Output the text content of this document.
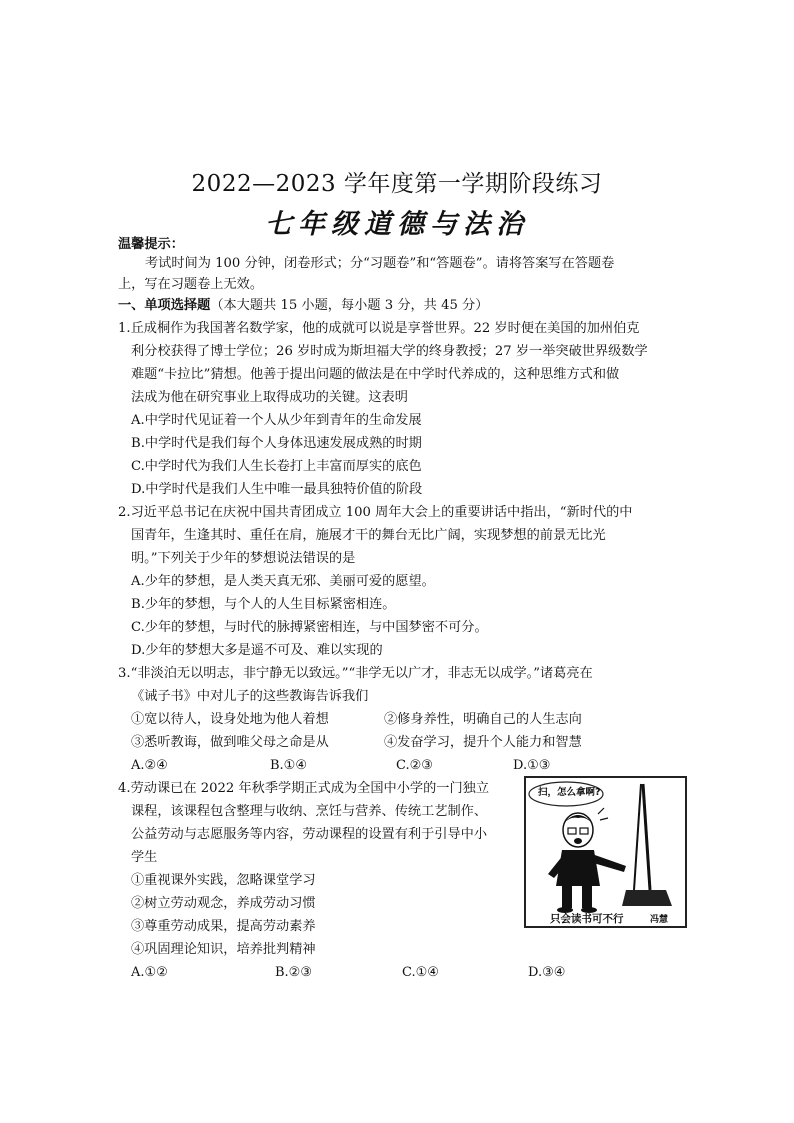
2022—2023 学年度第一学期阶段练习
七年级道德与法治
温馨提示：
考试时间为 100 分钟，闭卷形式；分“习题卷”和“答题卷”。请将答案写在答题卷
上，写在习题卷上无效。
一、单项选择题（本大题共 15 小题，每小题 3 分，共 45 分）
1.丘成桐作为我国著名数学家，他的成就可以说是享誉世界。22 岁时便在美国的加州伯克
利分校获得了博士学位；26 岁时成为斯坦福大学的终身教授；27 岁一举突破世界级数学
难题“卡拉比”猜想。他善于提出问题的做法是在中学时代养成的，这种思维方式和做
法成为他在研究事业上取得成功的关键。这表明
A.中学时代见证着一个人从少年到青年的生命发展
B.中学时代是我们每个人身体迅速发展成熟的时期
C.中学时代为我们人生长卷打上丰富而厚实的底色
D.中学时代是我们人生中唯一最具独特价值的阶段
2.习近平总书记在庆祝中国共青团成立 100 周年大会上的重要讲话中指出，“新时代的中
国青年，生逢其时、重任在肩，施展才干的舞台无比广阔，实现梦想的前景无比光
明。”下列关于少年的梦想说法错误的是
A.少年的梦想，是人类天真无邪、美丽可爱的愿望。
B.少年的梦想，与个人的人生目标紧密相连。
C.少年的梦想，与时代的脉搏紧密相连，与中国梦密不可分。
D.少年的梦想大多是遥不可及、难以实现的
3.“非淡泊无以明志，非宁静无以致远。”“非学无以广才，非志无以成学。”诸葛亮在
《诫子书》中对儿子的这些教诲告诉我们
①宽以待人，设身处地为他人着想	②修身养性，明确自己的人生志向
③悉听教诲，做到唯父母之命是从	④发奋学习，提升个人能力和智慧
A.②④	B.①④	C.②③	D.①③
4.劳动课已在 2022 年秋季学期正式成为全国中小学的一门独立
课程，该课程包含整理与收纳、烹饪与营养、传统工艺制作、
公益劳动与志愿服务等内容，劳动课程的设置有利于引导中小
学生
①重视课外实践，忽略课堂学习
②树立劳动观念，养成劳动习惯
③尊重劳动成果，提高劳动素养
④巩固理论知识，培养批判精神
A.①②	B.②③	C.①④	D.③④
扫，怎么拿啊?
只会读书可不行	冯慧
